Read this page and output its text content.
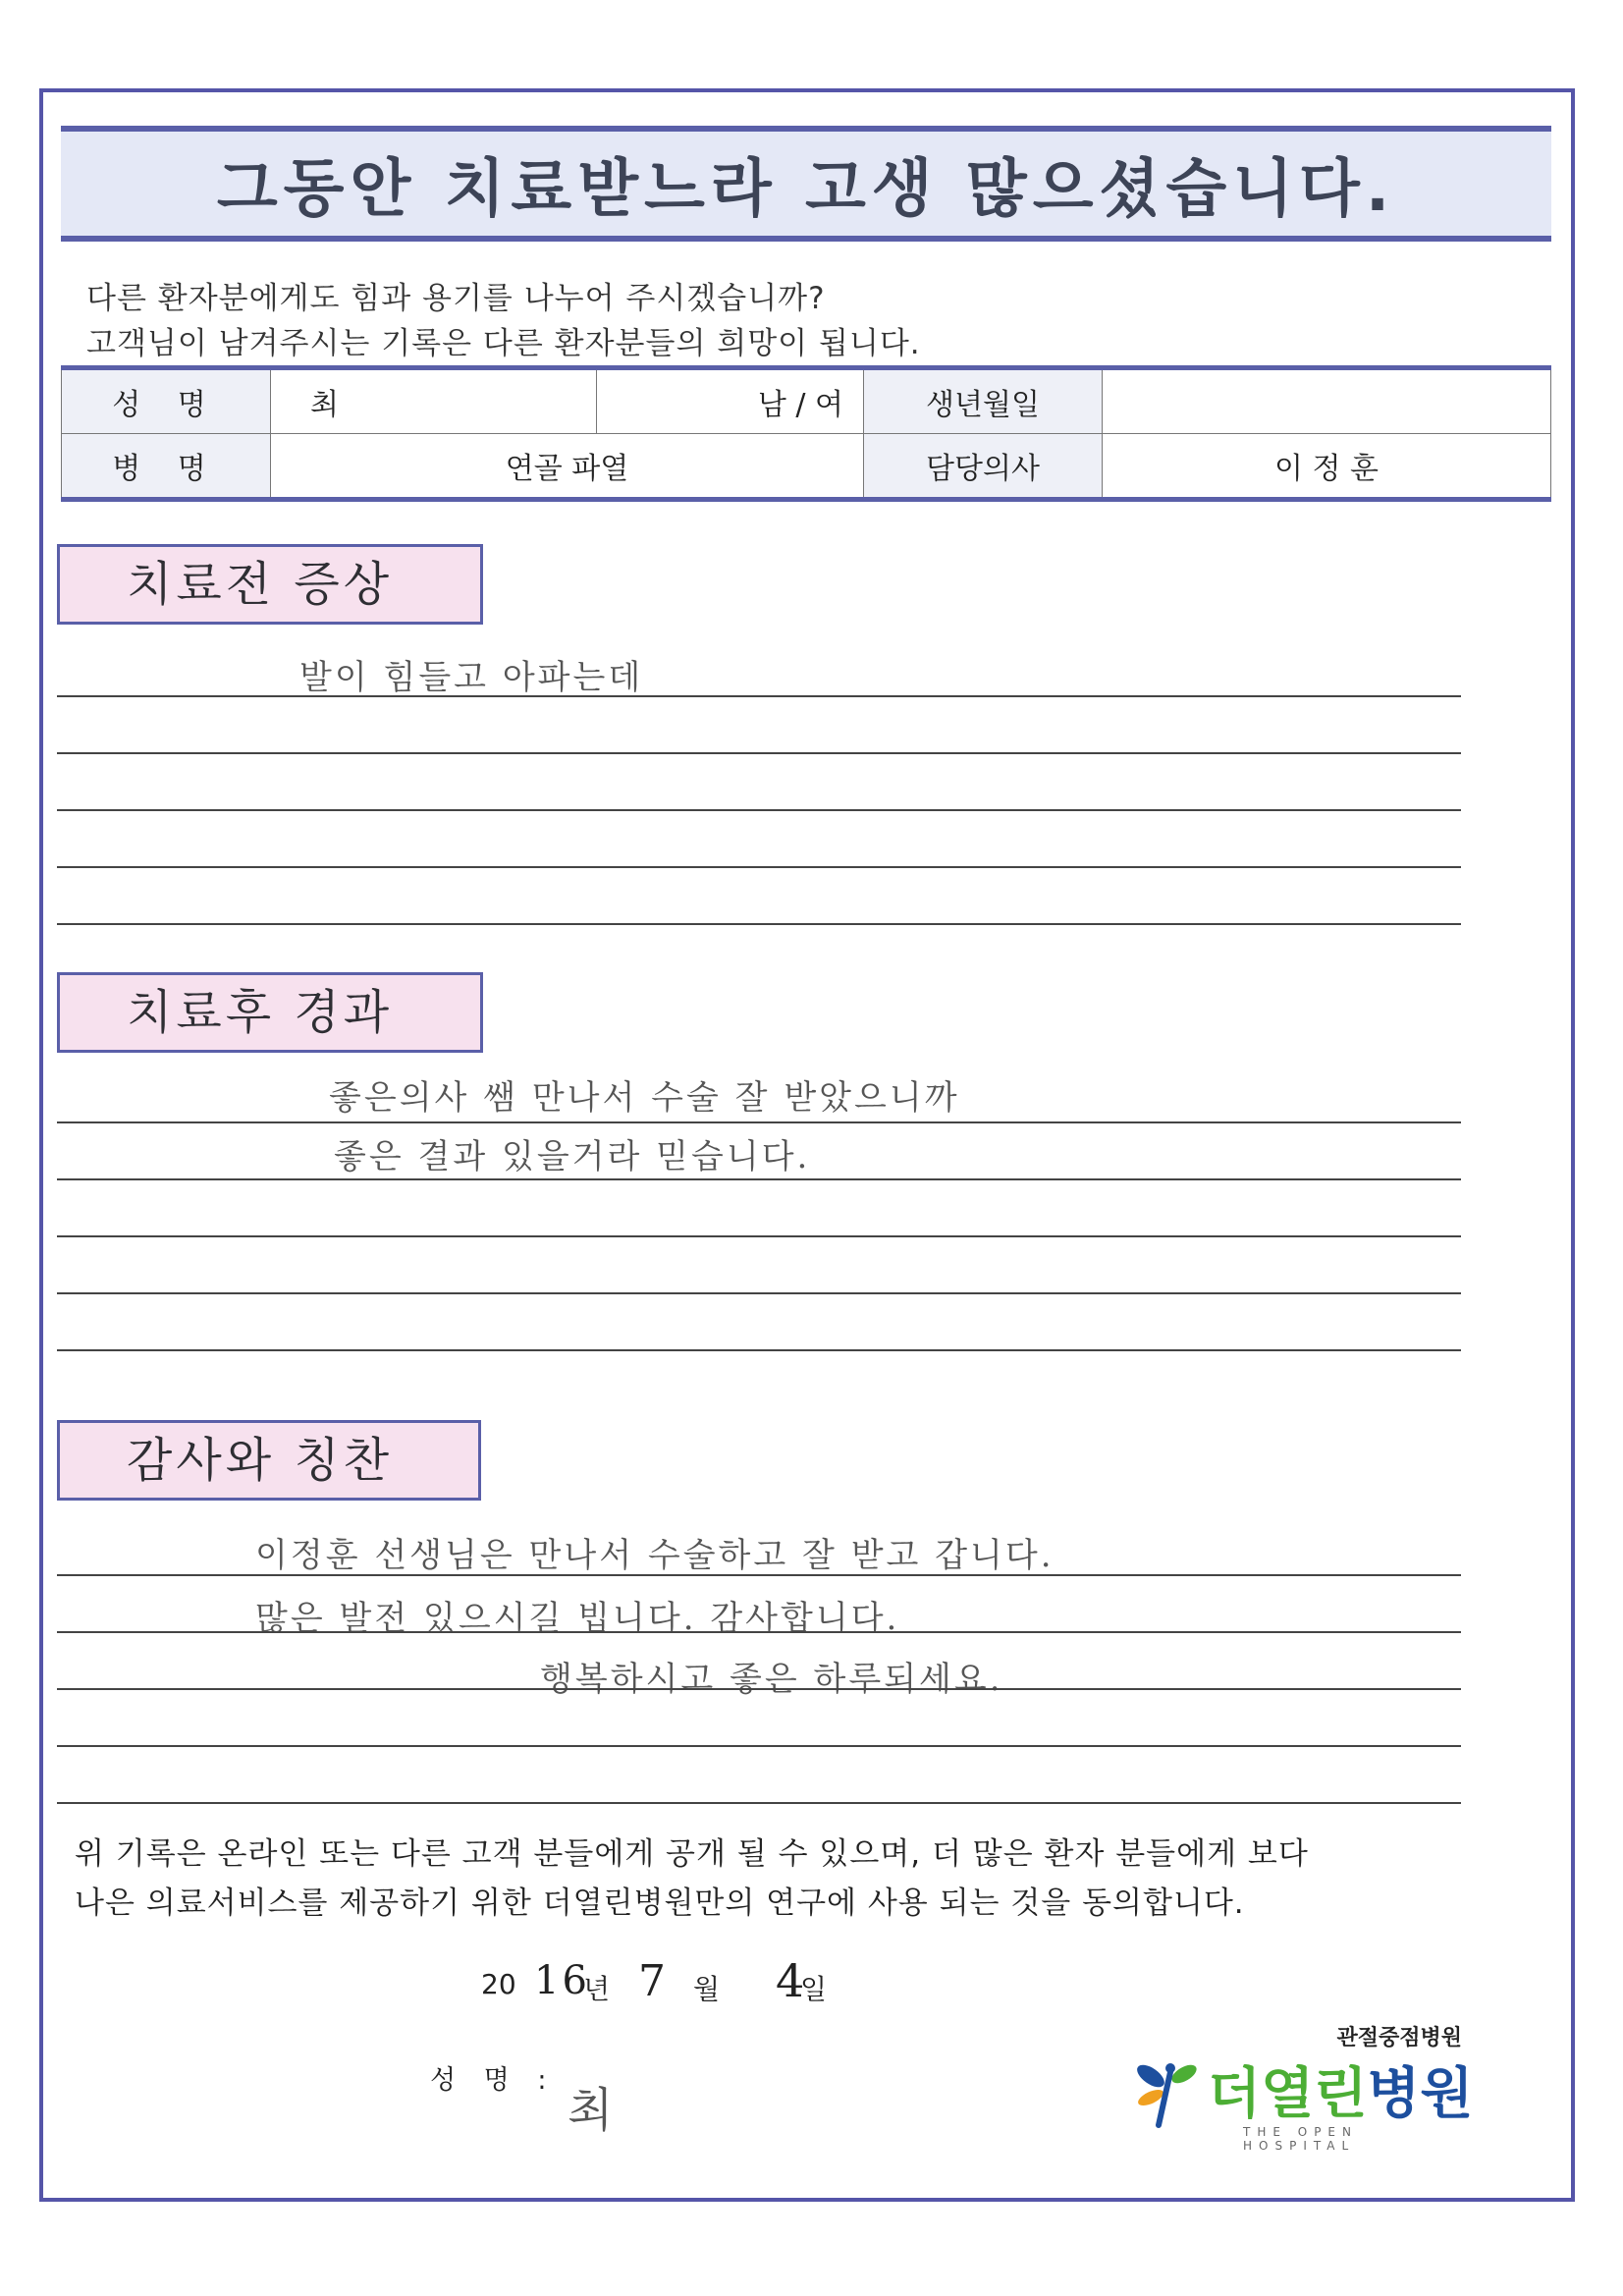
그동안 치료받느라 고생 많으셨습니다.
다른 환자분에게도 힘과 용기를 나누어 주시겠습니까?
고객님이 남겨주시는 기록은 다른 환자분들의 희망이 됩니다.
성 명	최	남 / 여	생년월일	
병 명	연골 파열		담당의사	이 정 훈
치료전 증상
발이 힘들고 아파는데
치료후 경과
좋은의사 쌤 만나서 수술 잘 받았으니까
좋은 결과 있을거라 믿습니다.
감사와 칭찬
이정훈 선생님은 만나서 수술하고 잘 받고 갑니다.
많은 발전 있으시길 빕니다. 감사합니다.
행복하시고 좋은 하루되세요.
위 기록은 온라인 또는 다른 고객 분들에게 공개 될 수 있으며, 더 많은 환자 분들에게 보다
나은 의료서비스를 제공하기 위한 더열린병원만의 연구에 사용 되는 것을 동의합니다.
20 16
년 7 월 4
일
성 명 :
최
관절중점병원
더열린병원
THE OPEN HOSPITAL
